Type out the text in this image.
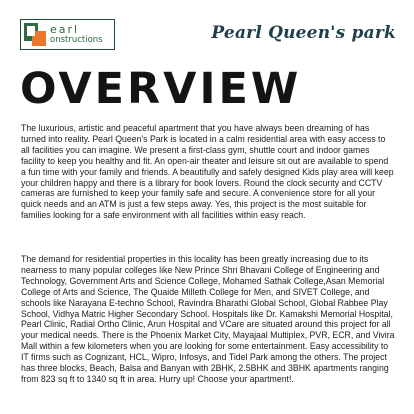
earl
onstructions	Pearl Queen's park
OVERVIEW

The luxurious, artistic and peaceful apartment that you have always been dreaming of has turned into reality. Pearl Queen's Park is located in a calm residential area with easy access to all facilities you can imagine. We present a first-class gym, shuttle court and indoor games facility to keep you healthy and fit. An open-air theater and leisure sit out are available to spend a fun time with your family and friends. A beautifully and safely designed Kids play area will keep your children happy and there is a library for book lovers. Round the clock security and CCTV cameras are furnished to keep your family safe and secure. A convenience store for all your quick needs and an ATM is just a few steps away. Yes, this project is the most suitable for families looking for a safe environment with all facilities within easy reach.

The demand for residential properties in this locality has been greatly increasing due to its nearness to many popular colleges like New Prince Shri Bhavani College of Engineering and Technology, Government Arts and Science College, Mohamed Sathak College,Asan Memorial College of Arts and Science, The Quaide Milleth College for Men, and SIVET College, and schools like Narayana E-techno School, Ravindra Bharathi Global School, Global Rabbee Play School, Vidhya Matric Higher Secondary School. Hospitals like Dr. Kamakshi Memorial Hospital, Pearl Clinic, Radial Ortho Clinic, Arun Hospital and VCare are situated around this project for all your medical needs. There is the Phoenix Market City, Mayajaal Multiplex, PVR, ECR, and Vivira Mall within a few kilometers when you are looking for some entertainment. Easy accessibility to IT firms such as Cognizant, HCL, Wipro, Infosys, and Tidel Park among the others. The project has three blocks, Beach, Balsa and Banyan with 2BHK, 2.5BHK and 3BHK apartments ranging from 823 sq ft to 1340 sq ft in area. Hurry up! Choose your apartment!.
